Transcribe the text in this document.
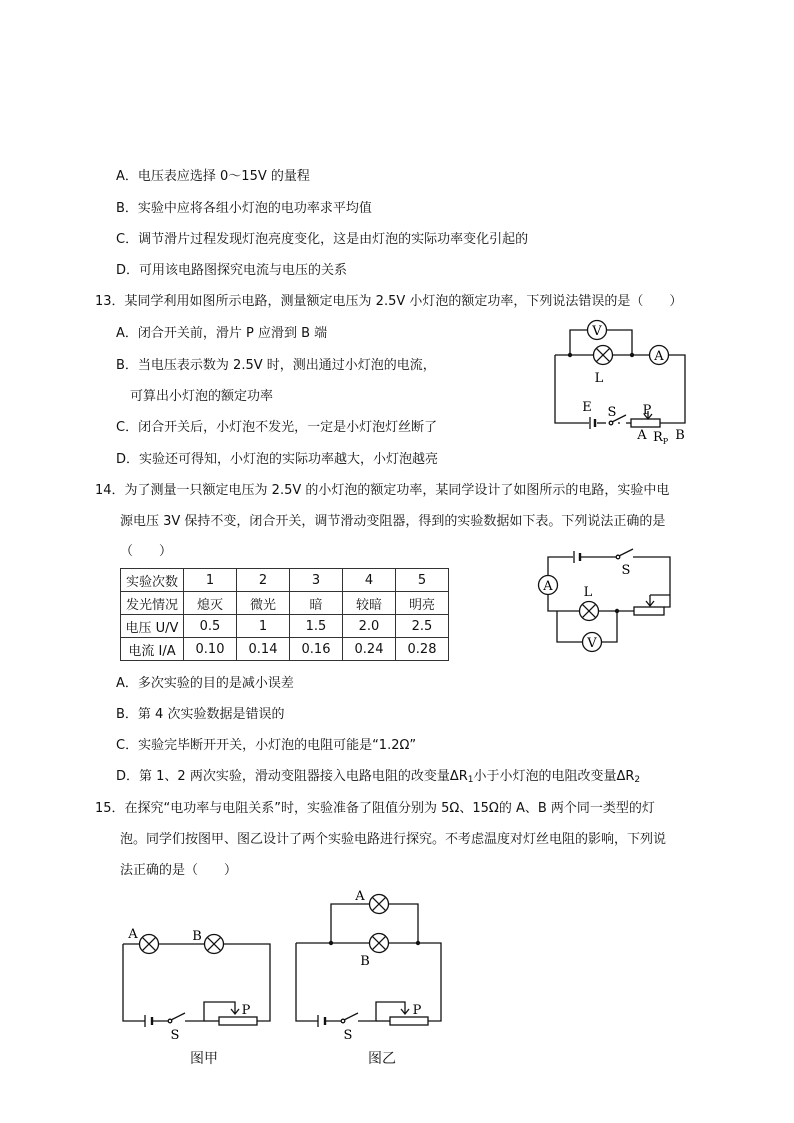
A．电压表应选择 0～15V 的量程
B．实验中应将各组小灯泡的电功率求平均值
C．调节滑片过程发现灯泡亮度变化，这是由灯泡的实际功率变化引起的
D．可用该电路图探究电流与电压的关系
13．某同学利用如图所示电路，测量额定电压为 2.5V 小灯泡的额定功率，下列说法错误的是（　　）
A．闭合开关前，滑片 P 应滑到 B 端
B．当电压表示数为 2.5V 时，测出通过小灯泡的电流，
可算出小灯泡的额定功率
C．闭合开关后，小灯泡不发光，一定是小灯泡灯丝断了
D．实验还可得知，小灯泡的实际功率越大，小灯泡越亮
V
A
L
E S P
A $R_P$ B
14．为了测量一只额定电压为 2.5V 的小灯泡的额定功率，某同学设计了如图所示的电路，实验中电
源电压 3V 保持不变，闭合开关，调节滑动变阻器，得到的实验数据如下表。下列说法正确的是
（　　）
实验次数	1	2	3	4	5
发光情况	熄灭	微光	暗	较暗	明亮
电压 U/V	0.5	1	1.5	2.0	2.5
电流 I/A	0.10	0.14	0.16	0.24	0.28
A L
S
V
A．多次实验的目的是减小误差
B．第 4 次实验数据是错误的
C．实验完毕断开开关，小灯泡的电阻可能是“1.2Ω”
D．第 1、2 两次实验，滑动变阻器接入电路电阻的改变量$\Delta R_1$小于小灯泡的电阻改变量$\Delta R_2$
15．在探究“电功率与电阻关系”时，实验准备了阻值分别为 5Ω、15Ω的 A、B 两个同一类型的灯
泡。同学们按图甲、图乙设计了两个实验电路进行探究。不考虑温度对灯丝电阻的影响，下列说
法正确的是（　　）
A	B
S
P
图甲
A
B
S
P
图乙
